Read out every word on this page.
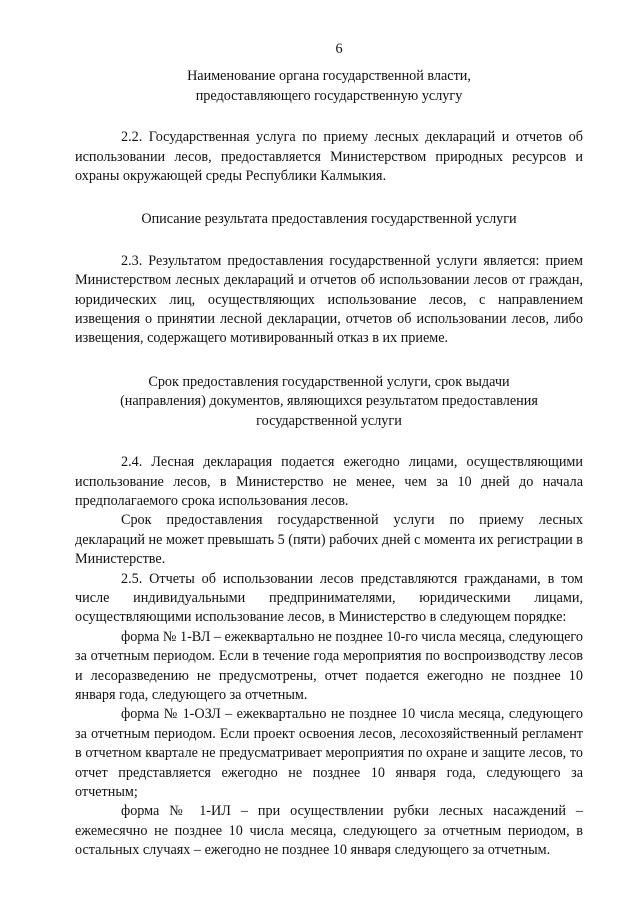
6
Наименование органа государственной власти,
предоставляющего государственную услугу

2.2. Государственная услуга по приему лесных деклараций и отчетов об использовании лесов, предоставляется Министерством природных ресурсов и охраны окружающей среды Республики Калмыкия.

Описание результата предоставления государственной услуги

2.3. Результатом предоставления государственной услуги является: прием Министерством лесных деклараций и отчетов об использовании лесов от граждан, юридических лиц, осуществляющих использование лесов, с направлением извещения о принятии лесной декларации, отчетов об использовании лесов, либо извещения, содержащего мотивированный отказ в их приеме.

Срок предоставления государственной услуги, срок выдачи
(направления) документов, являющихся результатом предоставления
государственной услуги

2.4. Лесная декларация подается ежегодно лицами, осуществляющими использование лесов, в Министерство не менее, чем за 10 дней до начала предполагаемого срока использования лесов.

Срок предоставления государственной услуги по приему лесных деклараций не может превышать 5 (пяти) рабочих дней с момента их регистрации в Министерстве.

2.5. Отчеты об использовании лесов представляются гражданами, в том числе индивидуальными предпринимателями, юридическими лицами, осуществляющими использование лесов, в Министерство в следующем порядке:

форма № 1-ВЛ – ежеквартально не позднее 10-го числа месяца, следующего за отчетным периодом. Если в течение года мероприятия по воспроизводству лесов и лесоразведению не предусмотрены, отчет подается ежегодно не позднее 10 января года, следующего за отчетным.

форма № 1-ОЗЛ – ежеквартально не позднее 10 числа месяца, следующего за отчетным периодом. Если проект освоения лесов, лесохозяйственный регламент в отчетном квартале не предусматривает мероприятия по охране и защите лесов, то отчет представляется ежегодно не позднее 10 января года, следующего за отчетным;

форма № 1-ИЛ – при осуществлении рубки лесных насаждений – ежемесячно не позднее 10 числа месяца, следующего за отчетным периодом, в остальных случаях – ежегодно не позднее 10 января следующего за отчетным.
